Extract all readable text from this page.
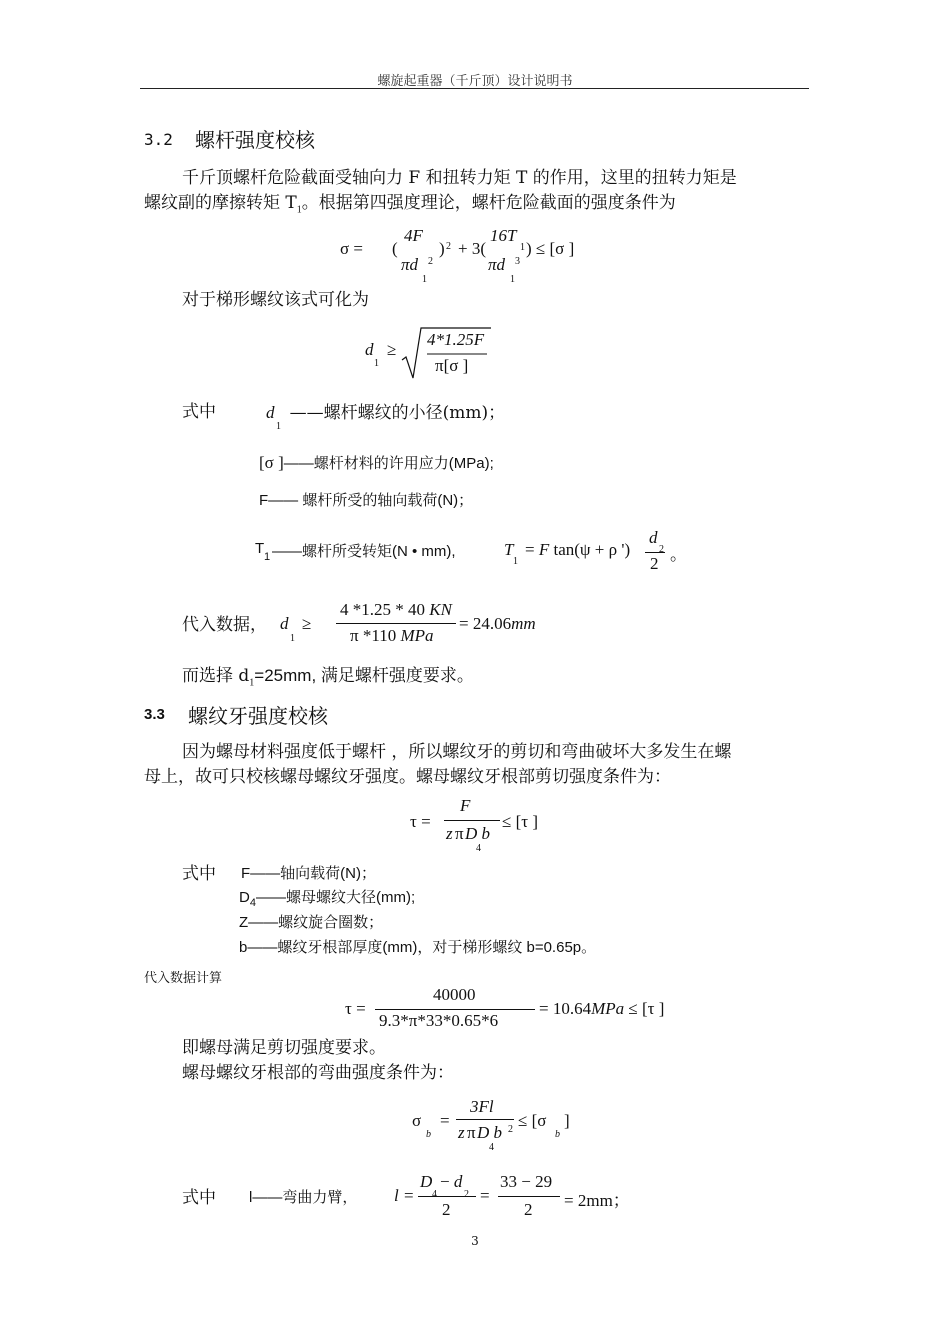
螺旋起重器（千斤顶）设计说明书
3.2 螺杆强度校核
千斤顶螺杆危险截面受轴向力 F 和扭转力矩 T 的作用，这里的扭转力矩是
螺纹副的摩擦转矩 $T_1$。根据第四强度理论，螺杆危险截面的强度条件为
σ = (
4F
πd 2
1
) 2 + 3(
16T
1
πd 3
1
) ≤ [σ ]
对于梯形螺纹该式可化为
d
1
≥
4*1.25F
π[σ ]
式中	d
1
——螺杆螺纹的小径(mm)；
[σ ]——螺杆材料的许用应力(MPa);
F—— 螺杆所受的轴向载荷(N)；
T 1 ——螺杆所受转矩(N • mm),	T
1
= F tan(ψ + ρ ')
d
2
2 。
代入数据， d
1
≥
4 *1.25 * 40 KN
π *110 MPa
= 24.06mm
而选择 $d_1=25mm$, 满足螺杆强度要求。
3.3 螺纹牙强度校核
因为螺母材料强度低于螺杆 ，所以螺纹牙的剪切和弯曲破坏大多发生在螺
母上，故可只校核螺母螺纹牙强度。螺母螺纹牙根部剪切强度条件为：
τ =
F
z π D b
4
≤ [τ ]
式中 F——轴向载荷(N)；
$D_4——$螺母螺纹大径(mm);
Z——螺纹旋合圈数；
b——螺纹牙根部厚度(mm)，对于梯形螺纹 b=0.65p。
代入数据计算
τ =
40000
9.3*π*33*0.65*6
= 10.64MPa ≤ [τ ]
即螺母满足剪切强度要求。
螺母螺纹牙根部的弯曲强度条件为：
σ
b
=
3Fl
z π D b 2
4
≤ [σ
b
]
式中 l——弯曲力臂， l =
D
4
− d
2
2
=
33 − 29
2 = 2mm；
3
